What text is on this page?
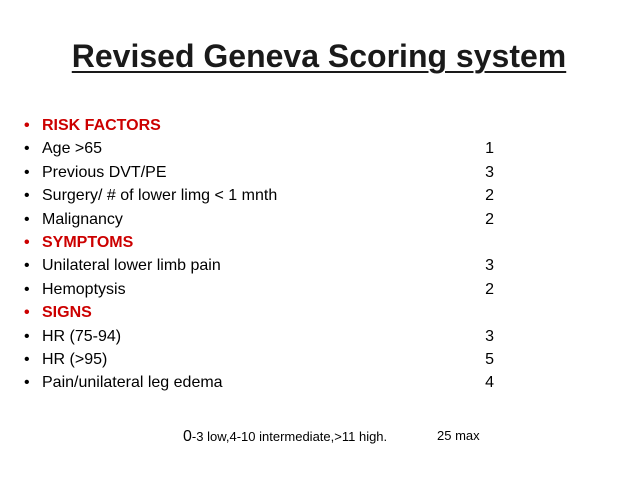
Revised Geneva Scoring system
• RISK FACTORS
• Age >65	1
• Previous DVT/PE	3
• Surgery/ # of lower limg < 1 mnth	2
• Malignancy	2
• SYMPTOMS
• Unilateral lower limb pain	3
• Hemoptysis	2
• SIGNS
• HR (75-94)	3
• HR (>95)	5
• Pain/unilateral leg edema	4
0-3 low,4-10 intermediate,>11 high.	25 max
